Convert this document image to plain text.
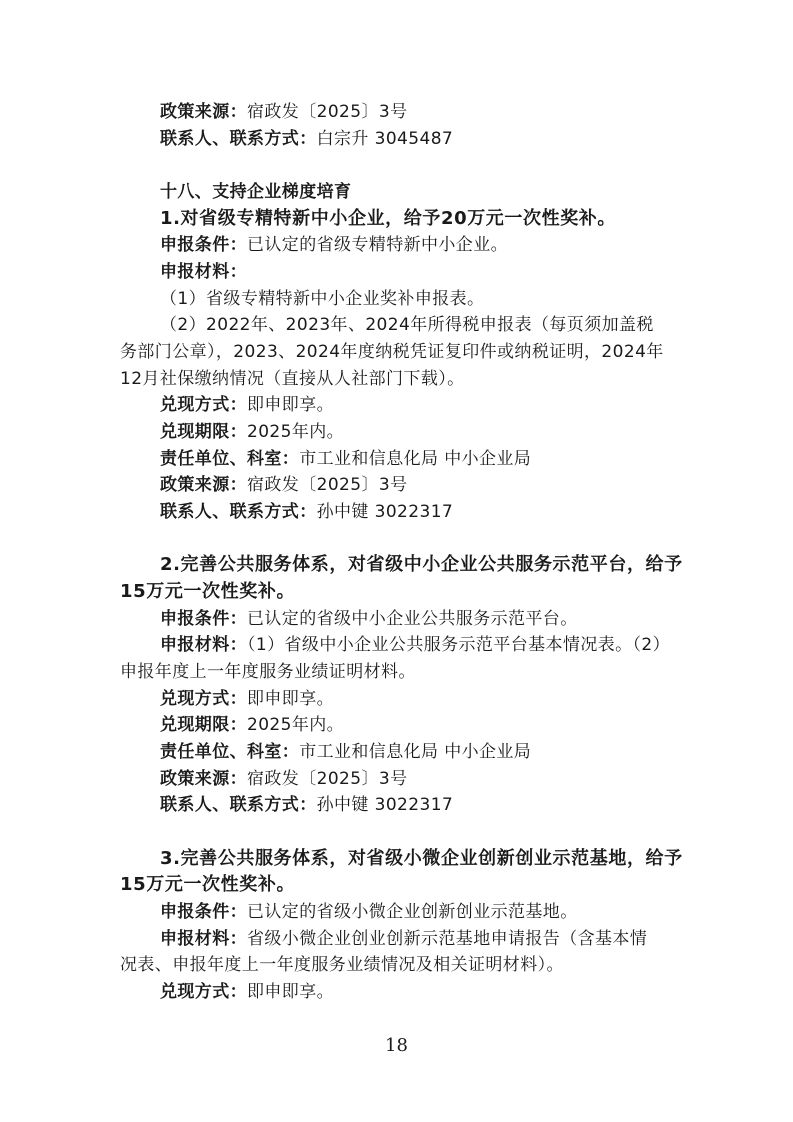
政策来源：宿政发〔2025〕3号
联系人、联系方式：白宗升 3045487
十八、支持企业梯度培育
1.对省级专精特新中小企业，给予20万元一次性奖补。
申报条件：已认定的省级专精特新中小企业。
申报材料：
（1）省级专精特新中小企业奖补申报表。
（2）2022年、2023年、2024年所得税申报表（每页须加盖税
务部门公章），2023、2024年度纳税凭证复印件或纳税证明，2024年
12月社保缴纳情况（直接从人社部门下载）。
兑现方式：即申即享。
兑现期限：2025年内。
责任单位、科室：市工业和信息化局 中小企业局
政策来源：宿政发〔2025〕3号
联系人、联系方式：孙中键 3022317
2.完善公共服务体系，对省级中小企业公共服务示范平台，给予
15万元一次性奖补。
申报条件：已认定的省级中小企业公共服务示范平台。
申报材料：（1）省级中小企业公共服务示范平台基本情况表。（2）
申报年度上一年度服务业绩证明材料。
兑现方式：即申即享。
兑现期限：2025年内。
责任单位、科室：市工业和信息化局 中小企业局
政策来源：宿政发〔2025〕3号
联系人、联系方式：孙中键 3022317
3.完善公共服务体系，对省级小微企业创新创业示范基地，给予
15万元一次性奖补。
申报条件：已认定的省级小微企业创新创业示范基地。
申报材料：省级小微企业创业创新示范基地申请报告（含基本情
况表、申报年度上一年度服务业绩情况及相关证明材料）。
兑现方式：即申即享。
18
